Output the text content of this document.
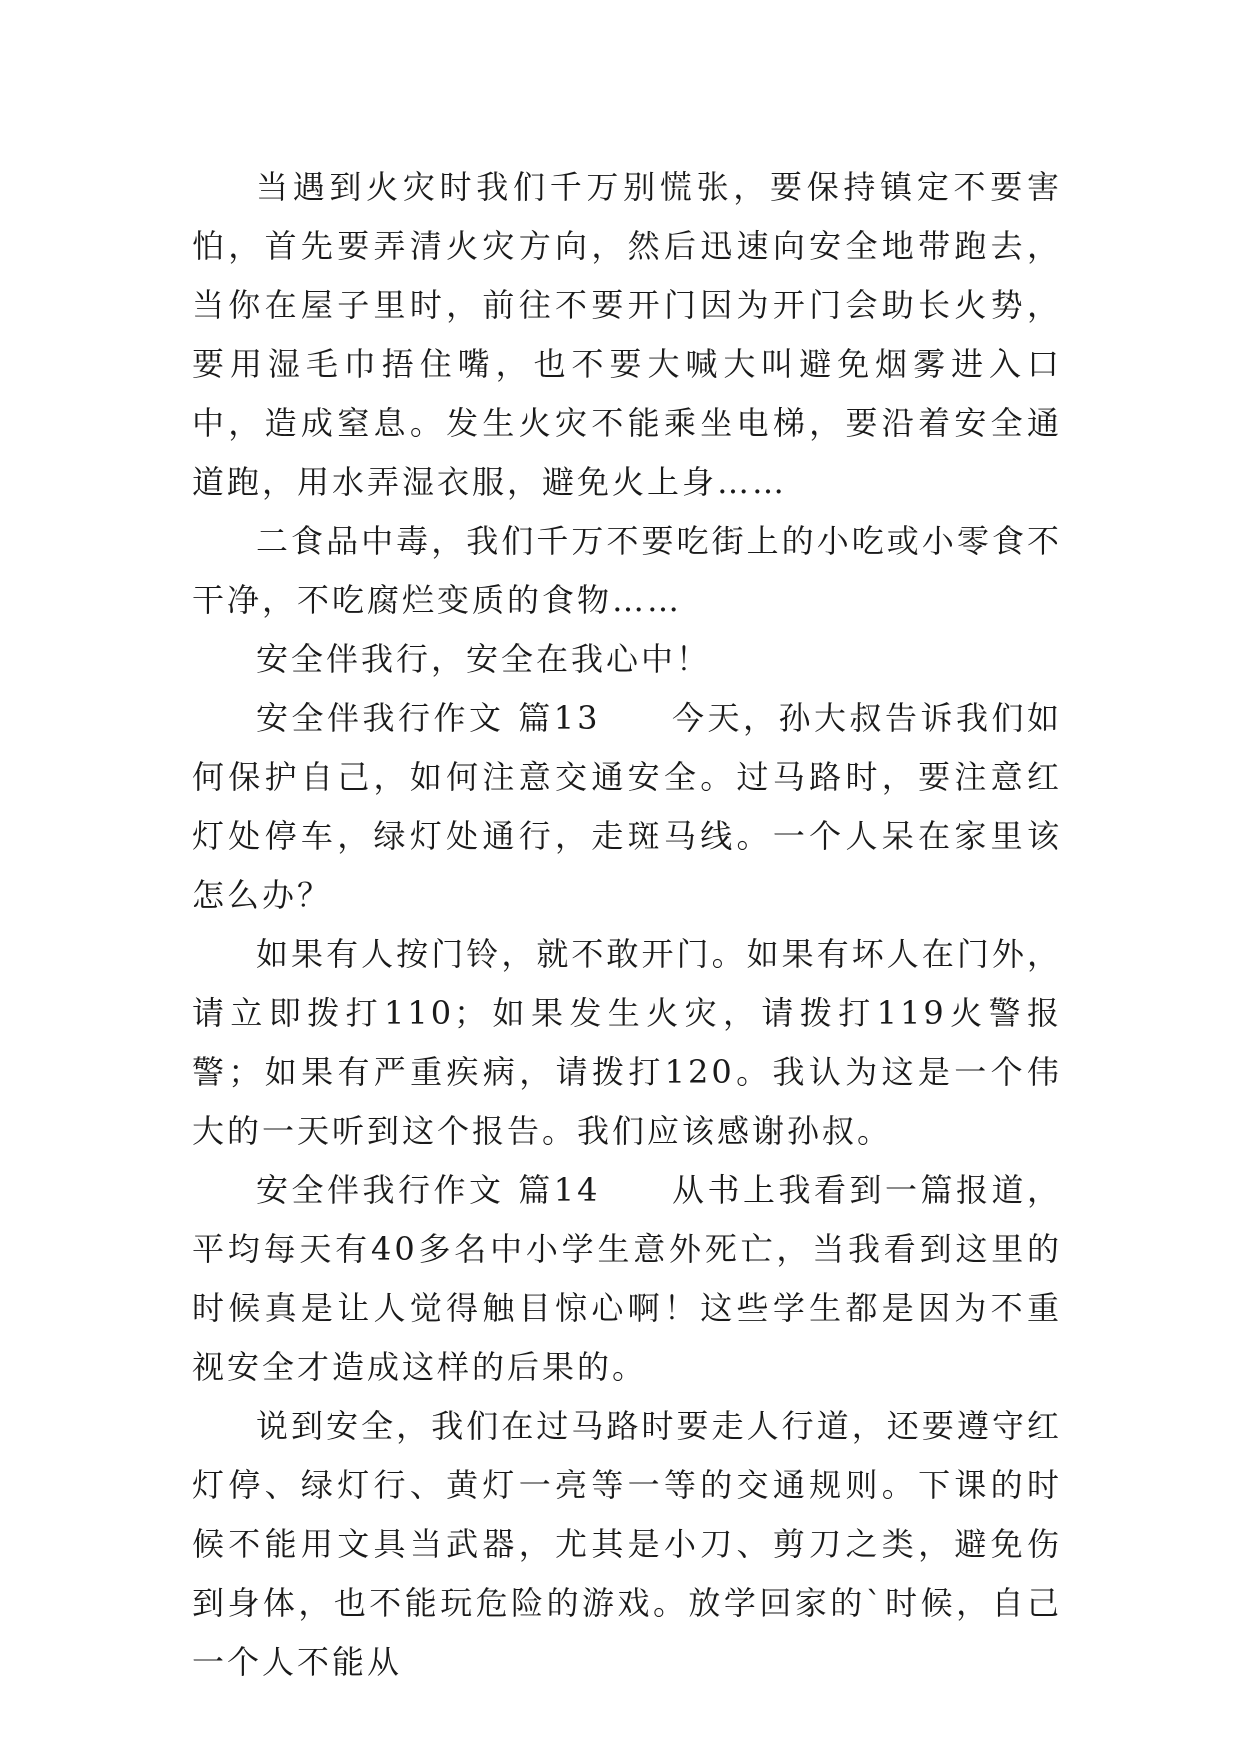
当遇到火灾时我们千万别慌张，要保持镇定不要害怕，首先要弄清火灾方向，然后迅速向安全地带跑去，当你在屋子里时，前往不要开门因为开门会助长火势，要用湿毛巾捂住嘴，也不要大喊大叫避免烟雾进入口中，造成窒息。发生火灾不能乘坐电梯，要沿着安全通道跑，用水弄湿衣服，避免火上身……

二食品中毒，我们千万不要吃街上的小吃或小零食不干净，不吃腐烂变质的食物……

安全伴我行，安全在我心中！

安全伴我行作文 篇13　　今天，孙大叔告诉我们如何保护自己，如何注意交通安全。过马路时，要注意红灯处停车，绿灯处通行，走斑马线。一个人呆在家里该怎么办？

如果有人按门铃，就不敢开门。如果有坏人在门外，请立即拨打110；如果发生火灾，请拨打119火警报警；如果有严重疾病，请拨打120。我认为这是一个伟大的一天听到这个报告。我们应该感谢孙叔。

安全伴我行作文 篇14　　从书上我看到一篇报道，平均每天有40多名中小学生意外死亡，当我看到这里的时候真是让人觉得触目惊心啊！这些学生都是因为不重视安全才造成这样的后果的。

说到安全，我们在过马路时要走人行道，还要遵守红灯停、绿灯行、黄灯一亮等一等的交通规则。下课的时候不能用文具当武器，尤其是小刀、剪刀之类，避免伤到身体，也不能玩危险的游戏。放学回家的`时候，自己一个人不能从
